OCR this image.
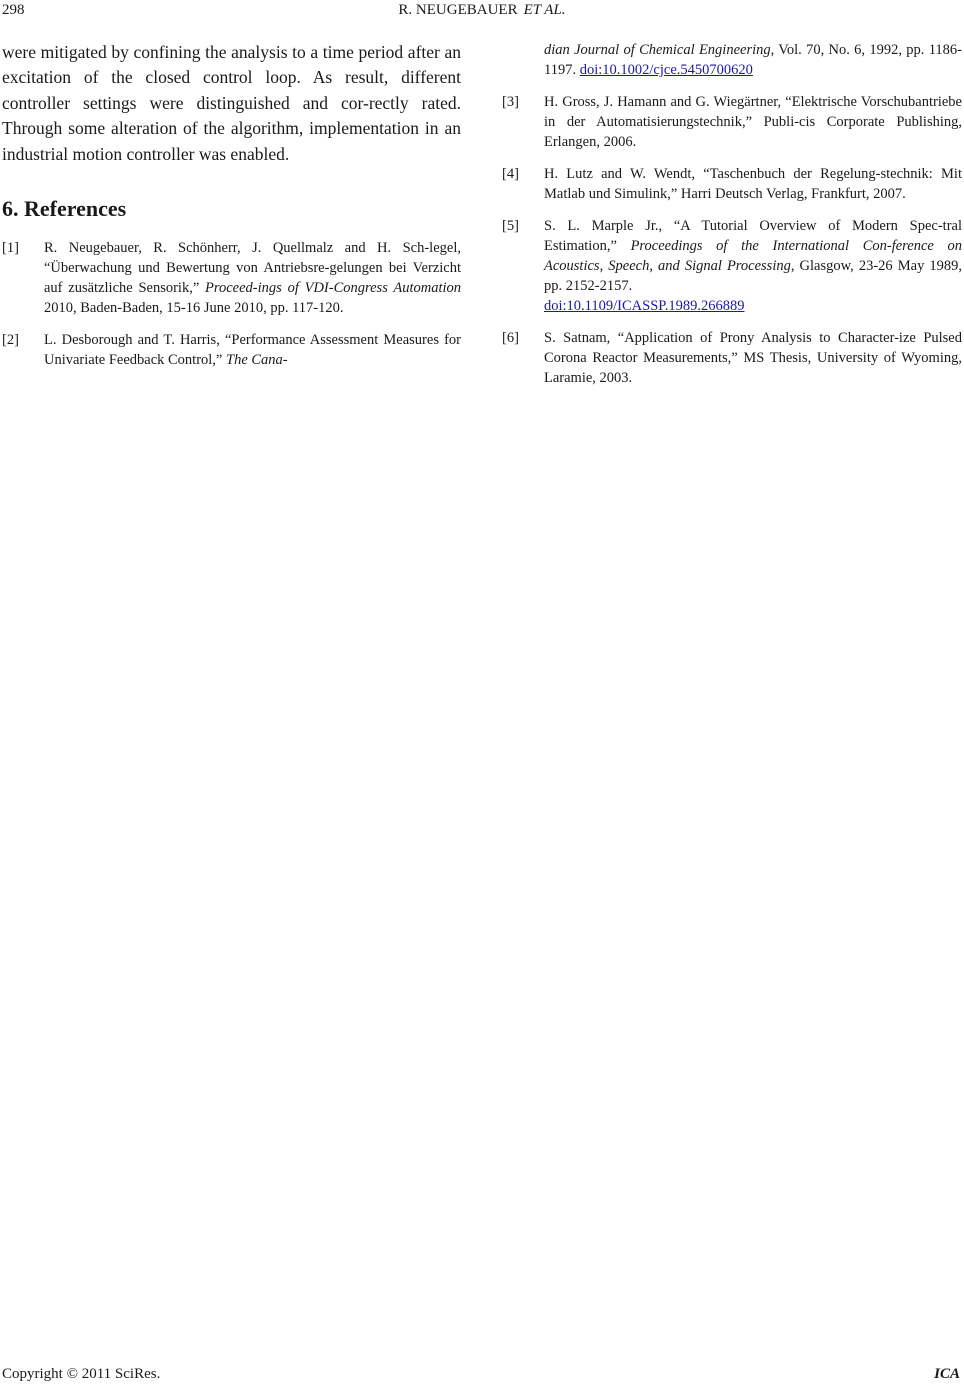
298	R. NEUGEBAUER ET AL.

were mitigated by confining the analysis to a time period after an excitation of the closed control loop. As result, different controller settings were distinguished and cor-rectly rated. Through some alteration of the algorithm, implementation in an industrial motion controller was enabled.

6. References
[1] R. Neugebauer, R. Schönherr, J. Quellmalz and H. Sch-legel, “Überwachung und Bewertung von Antriebsre-gelungen bei Verzicht auf zusätzliche Sensorik,” Proceed-ings of VDI-Congress Automation 2010, Baden-Baden, 15-16 June 2010, pp. 117-120.
[2] L. Desborough and T. Harris, “Performance Assessment Measures for Univariate Feedback Control,” The Cana-
dian Journal of Chemical Engineering, Vol. 70, No. 6, 1992, pp. 1186-1197. doi:10.1002/cjce.5450700620
[3] H. Gross, J. Hamann and G. Wiegärtner, “Elektrische Vorschubantriebe in der Automatisierungstechnik,” Publi-cis Corporate Publishing, Erlangen, 2006.
[4] H. Lutz and W. Wendt, “Taschenbuch der Regelung-stechnik: Mit Matlab und Simulink,” Harri Deutsch Verlag, Frankfurt, 2007.
[5] S. L. Marple Jr., “A Tutorial Overview of Modern Spec-tral Estimation,” Proceedings of the International Con-ference on Acoustics, Speech, and Signal Processing, Glasgow, 23-26 May 1989, pp. 2152-2157.
doi:10.1109/ICASSP.1989.266889
[6] S. Satnam, “Application of Prony Analysis to Character-ize Pulsed Corona Reactor Measurements,” MS Thesis, University of Wyoming, Laramie, 2003.
Copyright © 2011 SciRes.	ICA
